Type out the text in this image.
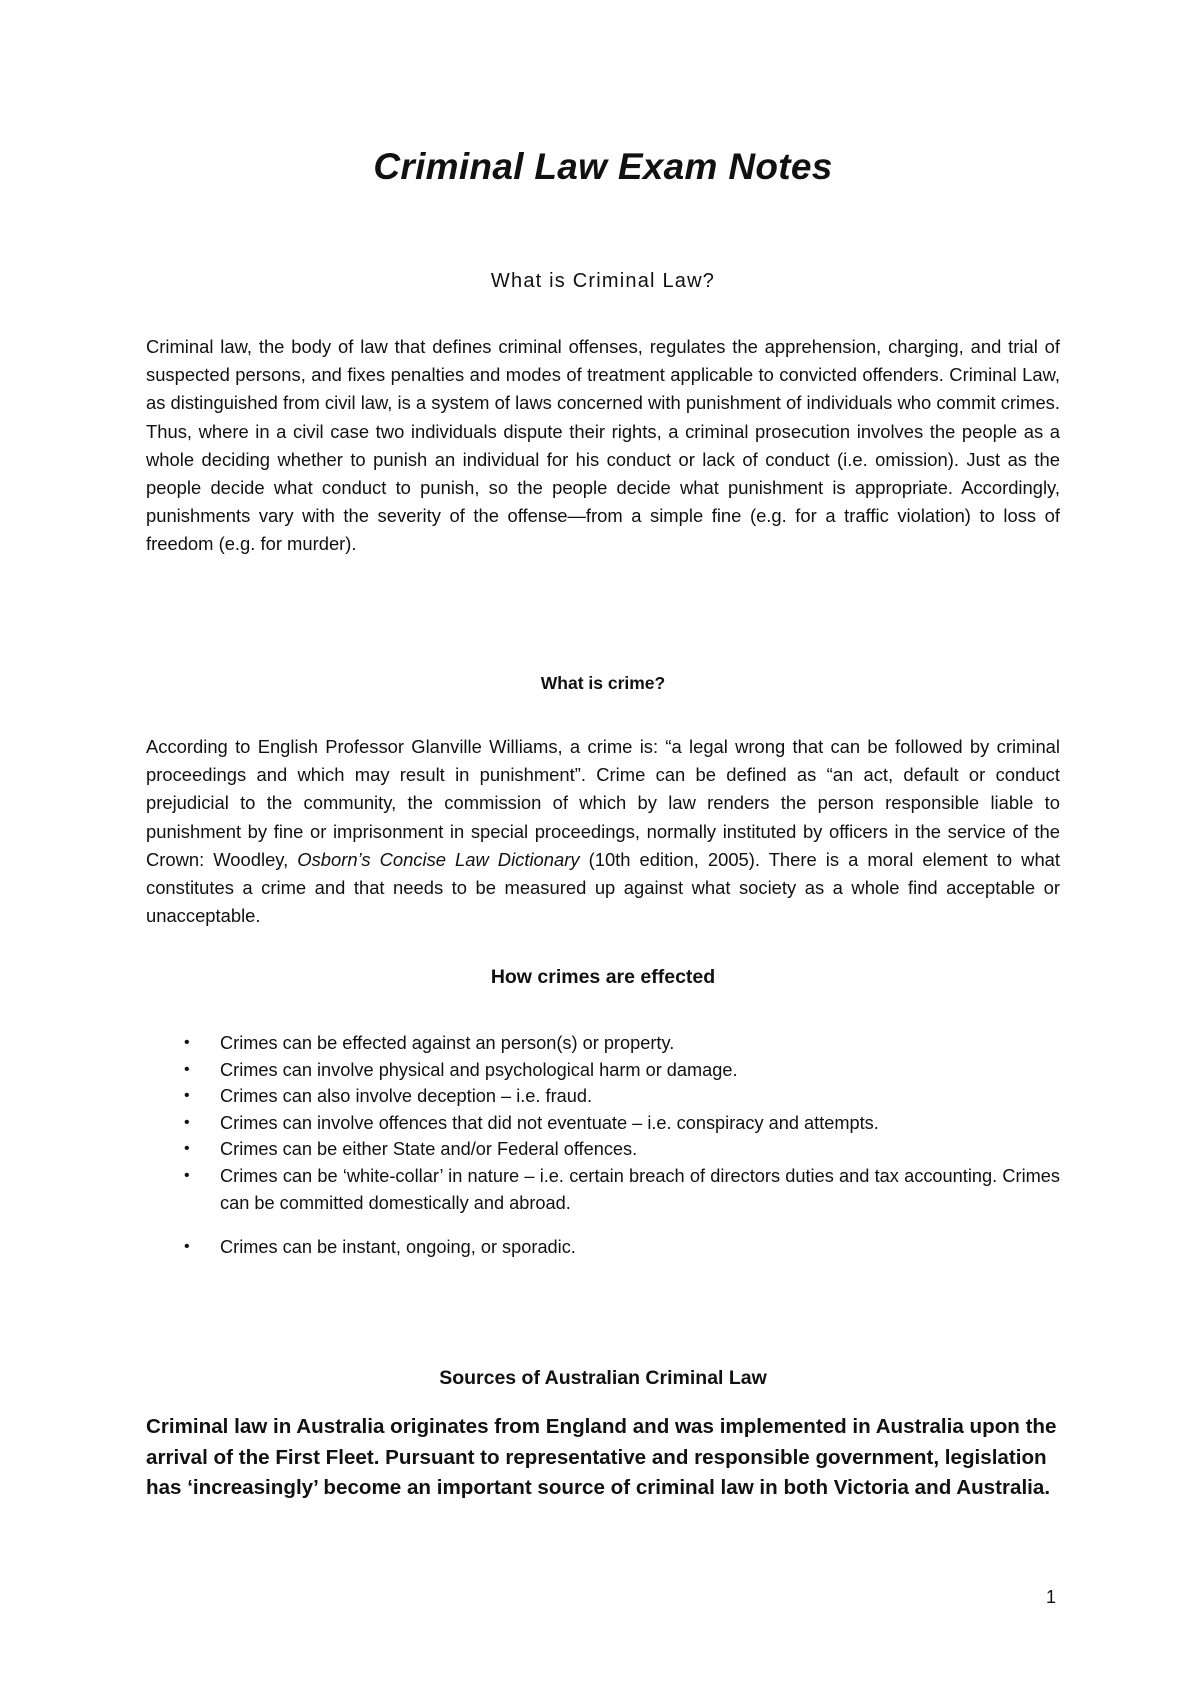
Criminal Law Exam Notes
What is Criminal Law?

Criminal law, the body of law that defines criminal offenses, regulates the apprehension, charging, and trial of suspected persons, and fixes penalties and modes of treatment applicable to convicted offenders. Criminal Law, as distinguished from civil law, is a system of laws concerned with punishment of individuals who commit crimes. Thus, where in a civil case two individuals dispute their rights, a criminal prosecution involves the people as a whole deciding whether to punish an individual for his conduct or lack of conduct (i.e. omission). Just as the people decide what conduct to punish, so the people decide what punishment is appropriate. Accordingly, punishments vary with the severity of the offense—from a simple fine (e.g. for a traffic violation) to loss of freedom (e.g. for murder).

What is crime?

According to English Professor Glanville Williams, a crime is: “a legal wrong that can be followed by criminal proceedings and which may result in punishment”. Crime can be defined as “an act, default or conduct prejudicial to the community, the commission of which by law renders the person responsible liable to punishment by fine or imprisonment in special proceedings, normally instituted by officers in the service of the Crown: Woodley, Osborn’s Concise Law Dictionary (10th edition, 2005). There is a moral element to what constitutes a crime and that needs to be measured up against what society as a whole find acceptable or unacceptable.

How crimes are effected
• Crimes can be effected against an person(s) or property.
• Crimes can involve physical and psychological harm or damage.
• Crimes can also involve deception – i.e. fraud.
• Crimes can involve offences that did not eventuate – i.e. conspiracy and attempts.
• Crimes can be either State and/or Federal offences.
• Crimes can be ‘white-collar’ in nature – i.e. certain breach of directors duties and tax accounting. Crimes can be committed domestically and abroad.
• Crimes can be instant, ongoing, or sporadic.
Sources of Australian Criminal Law

Criminal law in Australia originates from England and was implemented in Australia upon the arrival of the First Fleet. Pursuant to representative and responsible government, legislation has ‘increasingly’ become an important source of criminal law in both Victoria and Australia.

1
